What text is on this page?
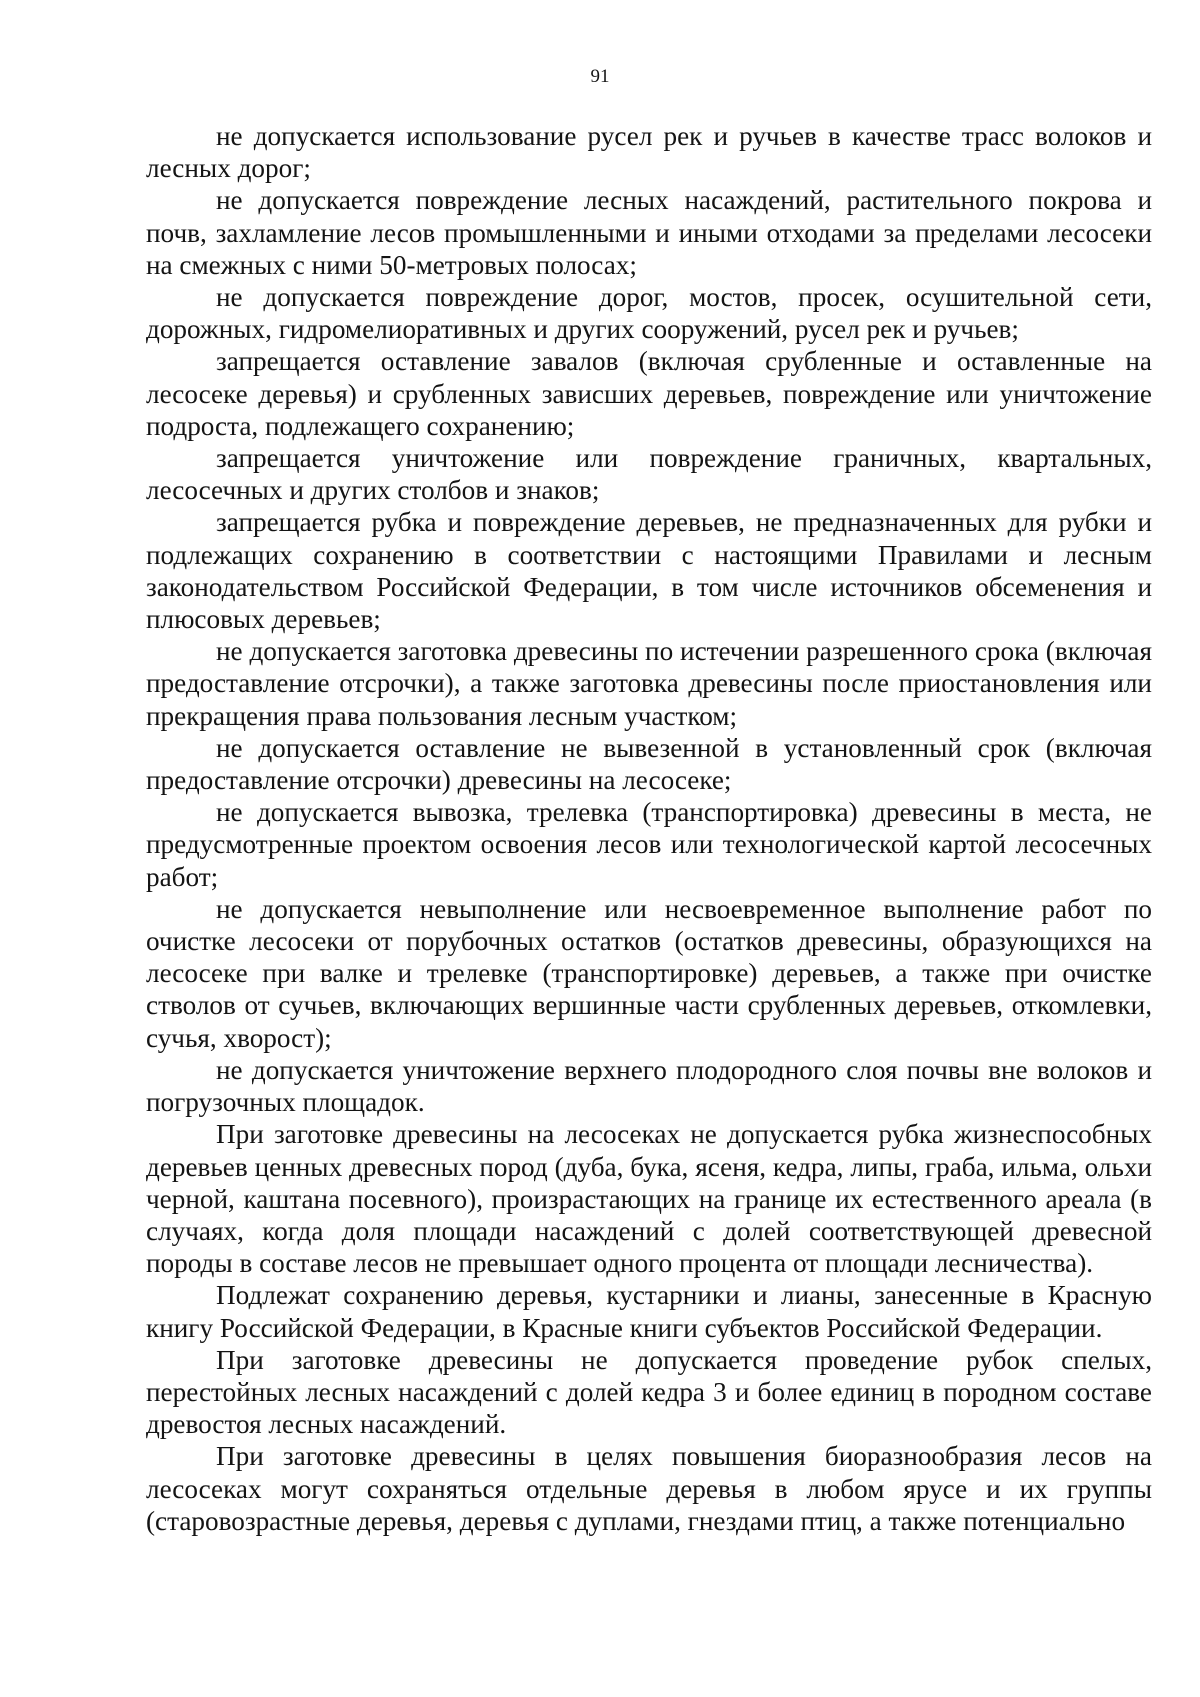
91

не допускается использование русел рек и ручьев в качестве трасс волоков и лесных дорог;

не допускается повреждение лесных насаждений, растительного покрова и почв, захламление лесов промышленными и иными отходами за пределами лесосеки на смежных с ними 50-метровых полосах;

не допускается повреждение дорог, мостов, просек, осушительной сети, дорожных, гидромелиоративных и других сооружений, русел рек и ручьев;

запрещается оставление завалов (включая срубленные и оставленные на лесосеке деревья) и срубленных зависших деревьев, повреждение или уничтожение подроста, подлежащего сохранению;

запрещается уничтожение или повреждение граничных, квартальных, лесосечных и других столбов и знаков;

запрещается рубка и повреждение деревьев, не предназначенных для рубки и подлежащих сохранению в соответствии с настоящими Правилами и лесным законодательством Российской Федерации, в том числе источников обсеменения и плюсовых деревьев;

не допускается заготовка древесины по истечении разрешенного срока (включая предоставление отсрочки), а также заготовка древесины после приостановления или прекращения права пользования лесным участком;

не допускается оставление не вывезенной в установленный срок (включая предоставление отсрочки) древесины на лесосеке;

не допускается вывозка, трелевка (транспортировка) древесины в места, не предусмотренные проектом освоения лесов или технологической картой лесосечных работ;

не допускается невыполнение или несвоевременное выполнение работ по очистке лесосеки от порубочных остатков (остатков древесины, образующихся на лесосеке при валке и трелевке (транспортировке) деревьев, а также при очистке стволов от сучьев, включающих вершинные части срубленных деревьев, откомлевки, сучья, хворост);

не допускается уничтожение верхнего плодородного слоя почвы вне волоков и погрузочных площадок.

При заготовке древесины на лесосеках не допускается рубка жизнеспособных деревьев ценных древесных пород (дуба, бука, ясеня, кедра, липы, граба, ильма, ольхи черной, каштана посевного), произрастающих на границе их естественного ареала (в случаях, когда доля площади насаждений с долей соответствующей древесной породы в составе лесов не превышает одного процента от площади лесничества).

Подлежат сохранению деревья, кустарники и лианы, занесенные в Красную книгу Российской Федерации, в Красные книги субъектов Российской Федерации.

При заготовке древесины не допускается проведение рубок спелых, перестойных лесных насаждений с долей кедра 3 и более единиц в породном составе древостоя лесных насаждений.

При заготовке древесины в целях повышения биоразнообразия лесов на лесосеках могут сохраняться отдельные деревья в любом ярусе и их группы (старовозрастные деревья, деревья с дуплами, гнездами птиц, а также потенциально
